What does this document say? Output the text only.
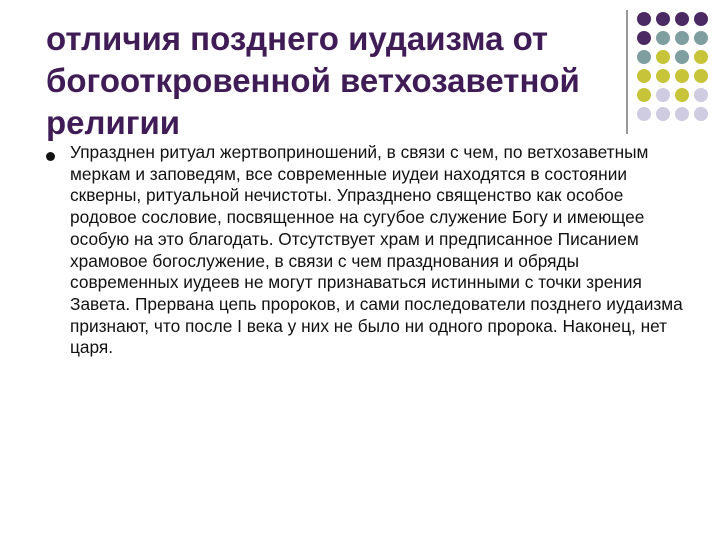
отличия позднего иудаизма от богооткровенной ветхозаветной религии

Упразднен ритуал жертвоприношений, в связи с чем, по ветхозаветным меркам и заповедям, все современные иудеи находятся в состоянии скверны, ритуальной нечистоты. Упразднено священство как особое родовое сословие, посвященное на сугубое служение Богу и имеющее особую на это благодать. Отсутствует храм и предписанное Писанием храмовое богослужение, в связи с чем празднования и обряды современных иудеев не могут признаваться истинными с точки зрения Завета. Прервана цепь пророков, и сами последователи позднего иудаизма признают, что после I века у них не было ни одного пророка. Наконец, нет царя.
